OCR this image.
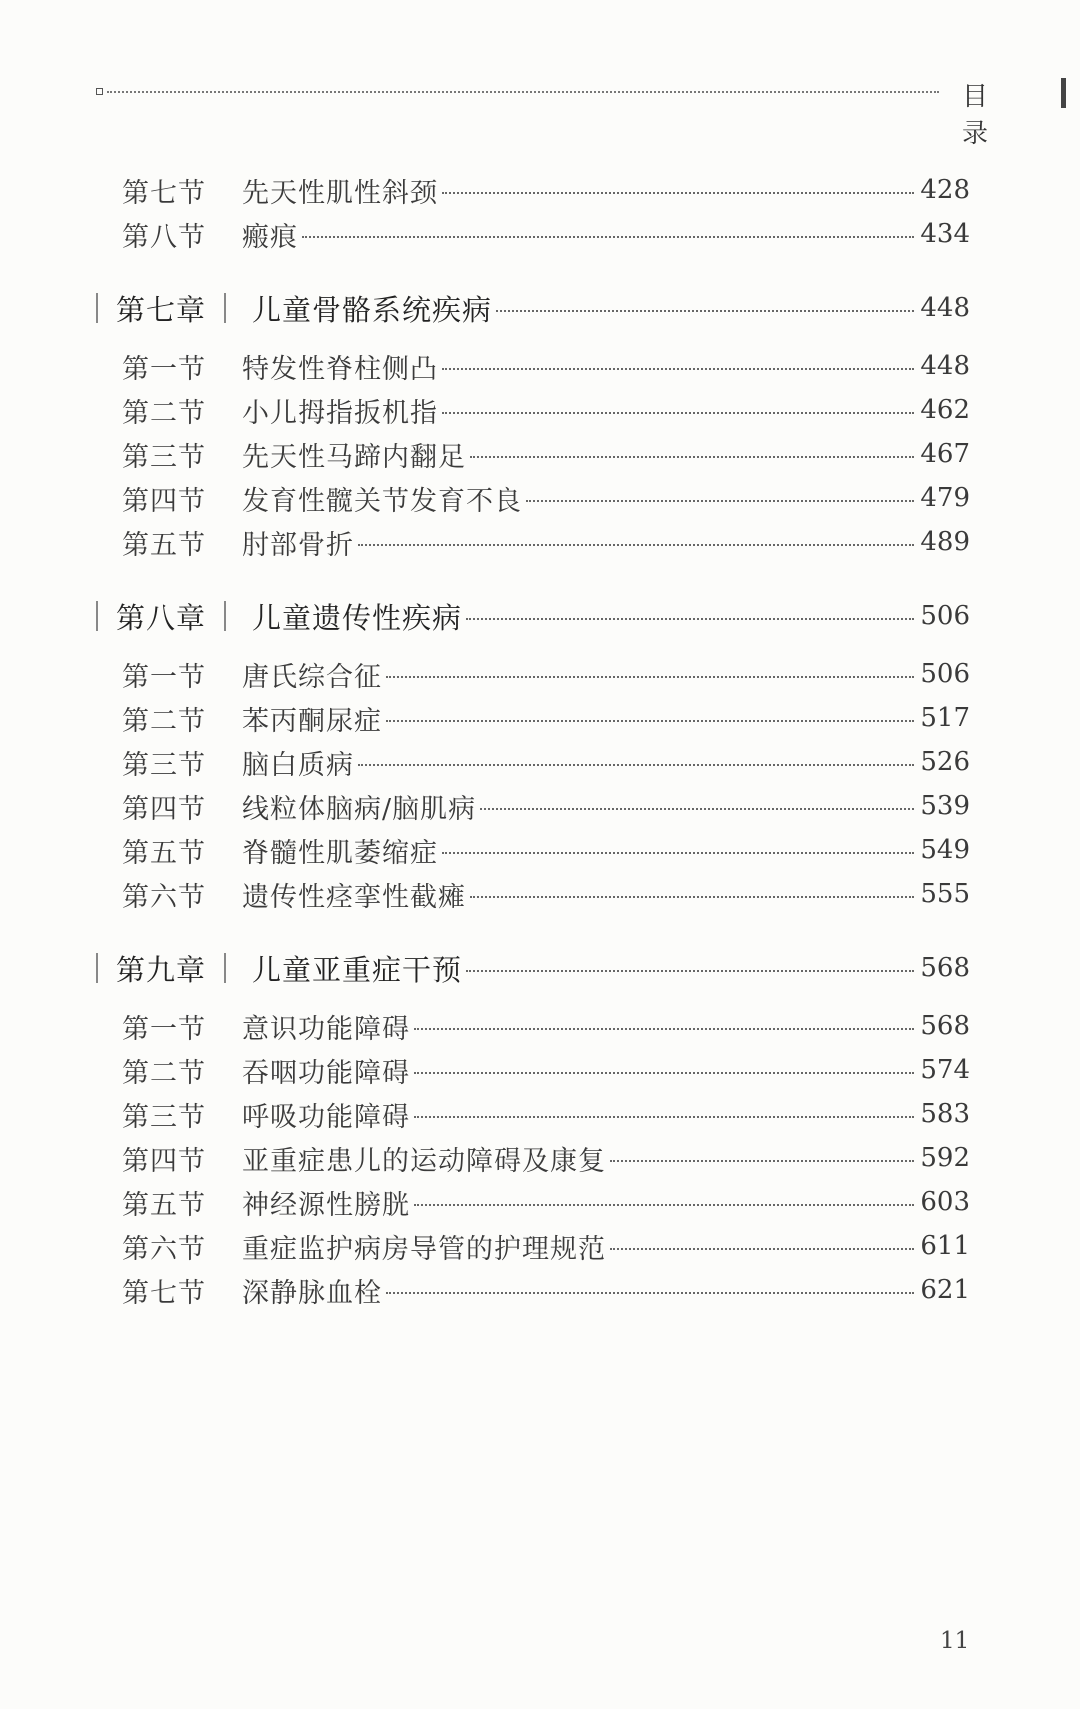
目 录
第七节	先天性肌性斜颈	428
第八节	瘢痕	434
第七章 儿童骨骼系统疾病	448
第一节	特发性脊柱侧凸	448
第二节	小儿拇指扳机指	462
第三节	先天性马蹄内翻足	467
第四节	发育性髋关节发育不良	479
第五节	肘部骨折	489
第八章 儿童遗传性疾病	506
第一节	唐氏综合征	506
第二节	苯丙酮尿症	517
第三节	脑白质病	526
第四节	线粒体脑病/脑肌病	539
第五节	脊髓性肌萎缩症	549
第六节	遗传性痉挛性截瘫	555
第九章 儿童亚重症干预	568
第一节	意识功能障碍	568
第二节	吞咽功能障碍	574
第三节	呼吸功能障碍	583
第四节	亚重症患儿的运动障碍及康复	592
第五节	神经源性膀胱	603
第六节	重症监护病房导管的护理规范	611
第七节	深静脉血栓	621
11
